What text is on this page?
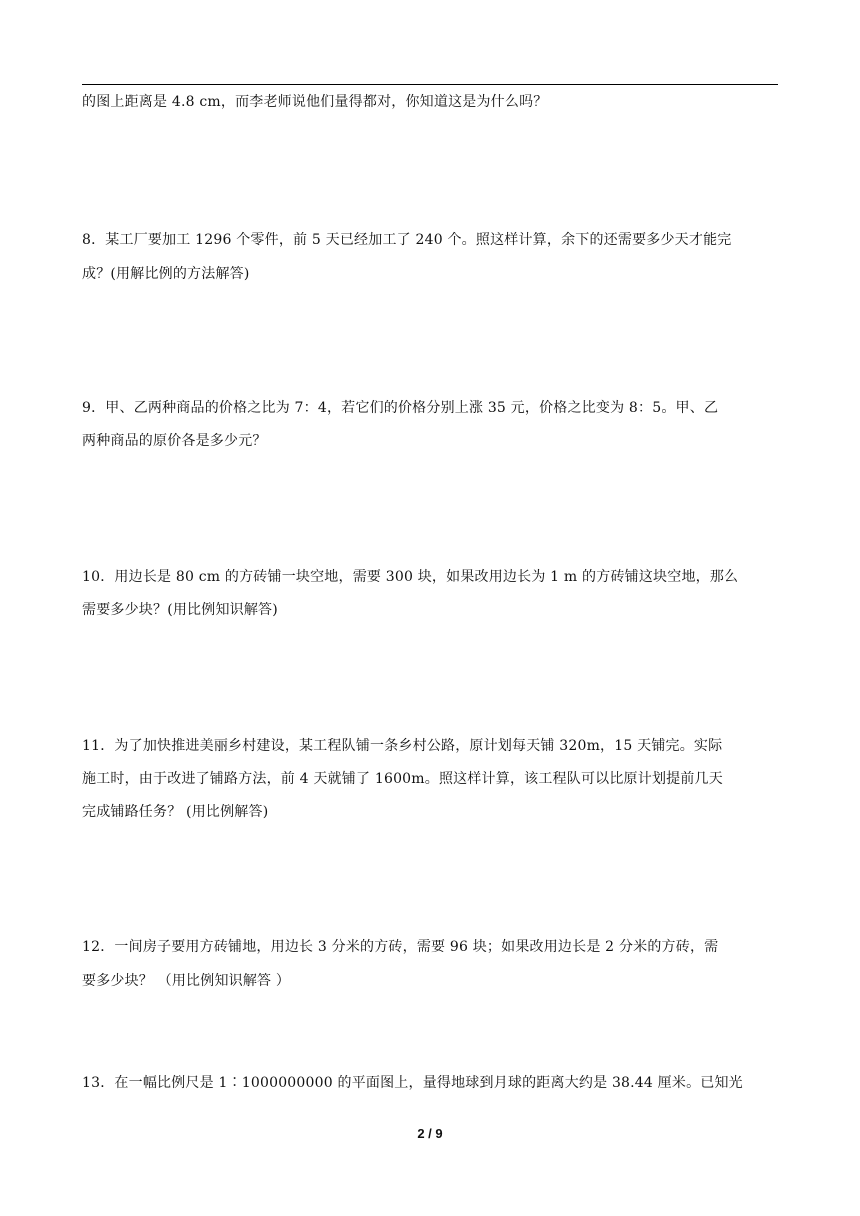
的图上距离是 4.8 cm，而李老师说他们量得都对，你知道这是为什么吗？
8．某工厂要加工 1296 个零件，前 5 天已经加工了 240 个。照这样计算，余下的还需要多少天才能完
成？(用解比例的方法解答)
9．甲、乙两种商品的价格之比为 7：4，若它们的价格分别上涨 35 元，价格之比变为 8：5。甲、乙
两种商品的原价各是多少元？
10．用边长是 80 cm 的方砖铺一块空地，需要 300 块，如果改用边长为 1 m 的方砖铺这块空地，那么
需要多少块？(用比例知识解答)
11．为了加快推进美丽乡村建设，某工程队铺一条乡村公路，原计划每天铺 320m，15 天铺完。实际
施工时，由于改进了铺路方法，前 4 天就铺了 1600m。照这样计算，该工程队可以比原计划提前几天
完成铺路任务？ (用比例解答)
12．一间房子要用方砖铺地，用边长 3 分米的方砖，需要 96 块；如果改用边长是 2 分米的方砖，需
要多少块？ （用比例知识解答 ）
13．在一幅比例尺是 1∶1000000000 的平面图上，量得地球到月球的距离大约是 38.44 厘米。已知光
2 / 9
